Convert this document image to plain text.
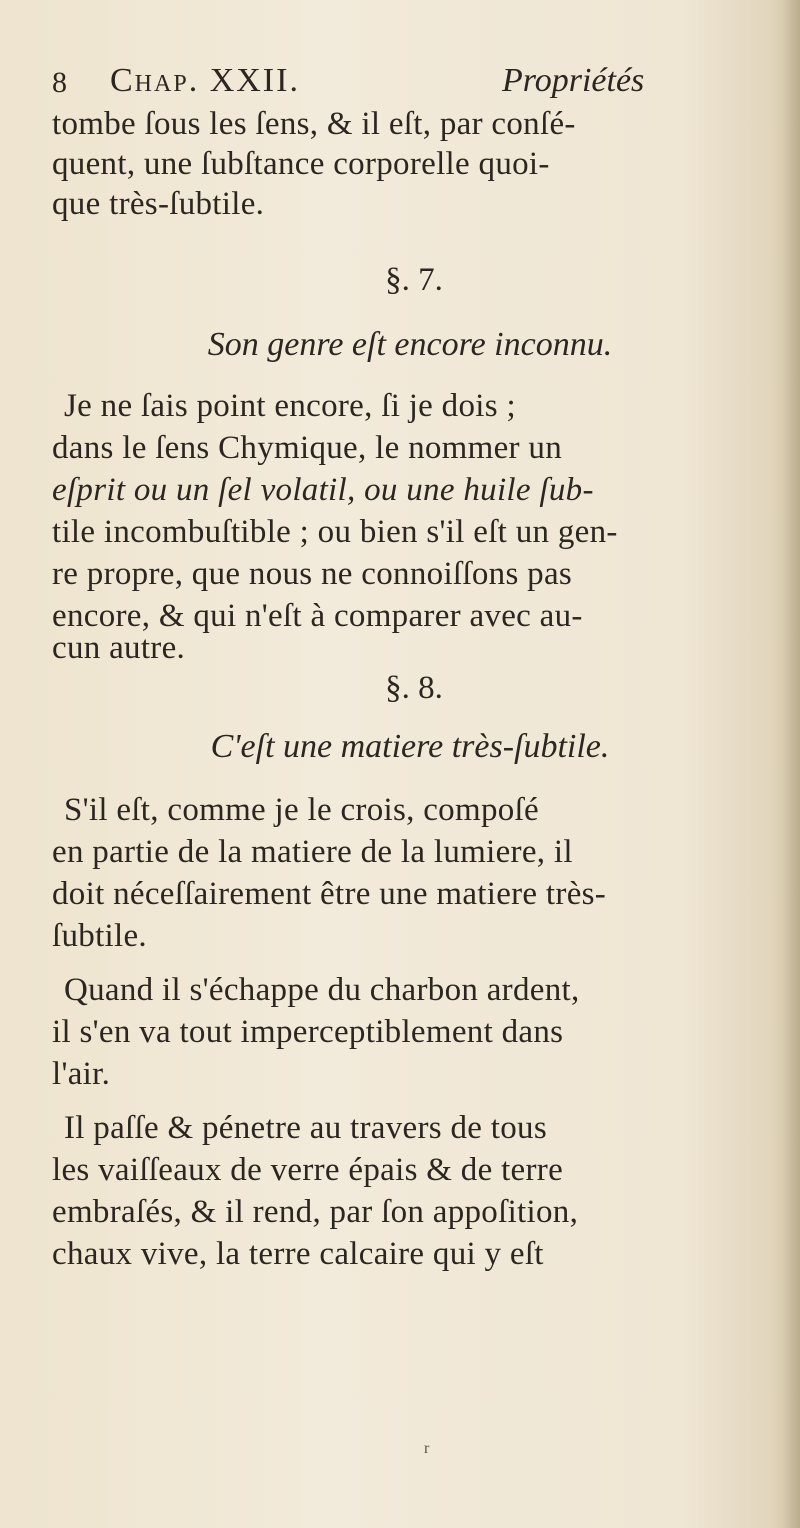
8 Chap. XXII.	Propriétés
tombe ſous les ſens, & il eſt, par conſé-
quent, une ſubſtance corporelle quoi-
que très-ſubtile.
§. 7.
Son genre eſt encore inconnu.
Je ne ſais point encore, ſi je dois ;
dans le ſens Chymique, le nommer un
eſprit ou un ſel volatil, ou une huile ſub-
tile incombuſtible ; ou bien s'il eſt un gen-
re propre, que nous ne connoiſſons pas
encore, & qui n'eſt à comparer avec au-
cun autre.
§. 8.
C'eſt une matiere très-ſubtile.
S'il eſt, comme je le crois, compoſé
en partie de la matiere de la lumiere, il
doit néceſſairement être une matiere très-
ſubtile.
Quand il s'échappe du charbon ardent,
il s'en va tout imperceptiblement dans
l'air.
Il paſſe & pénetre au travers de tous
les vaiſſeaux de verre épais & de terre
embraſés, & il rend, par ſon appoſition,
chaux vive, la terre calcaire qui y eſt
r
